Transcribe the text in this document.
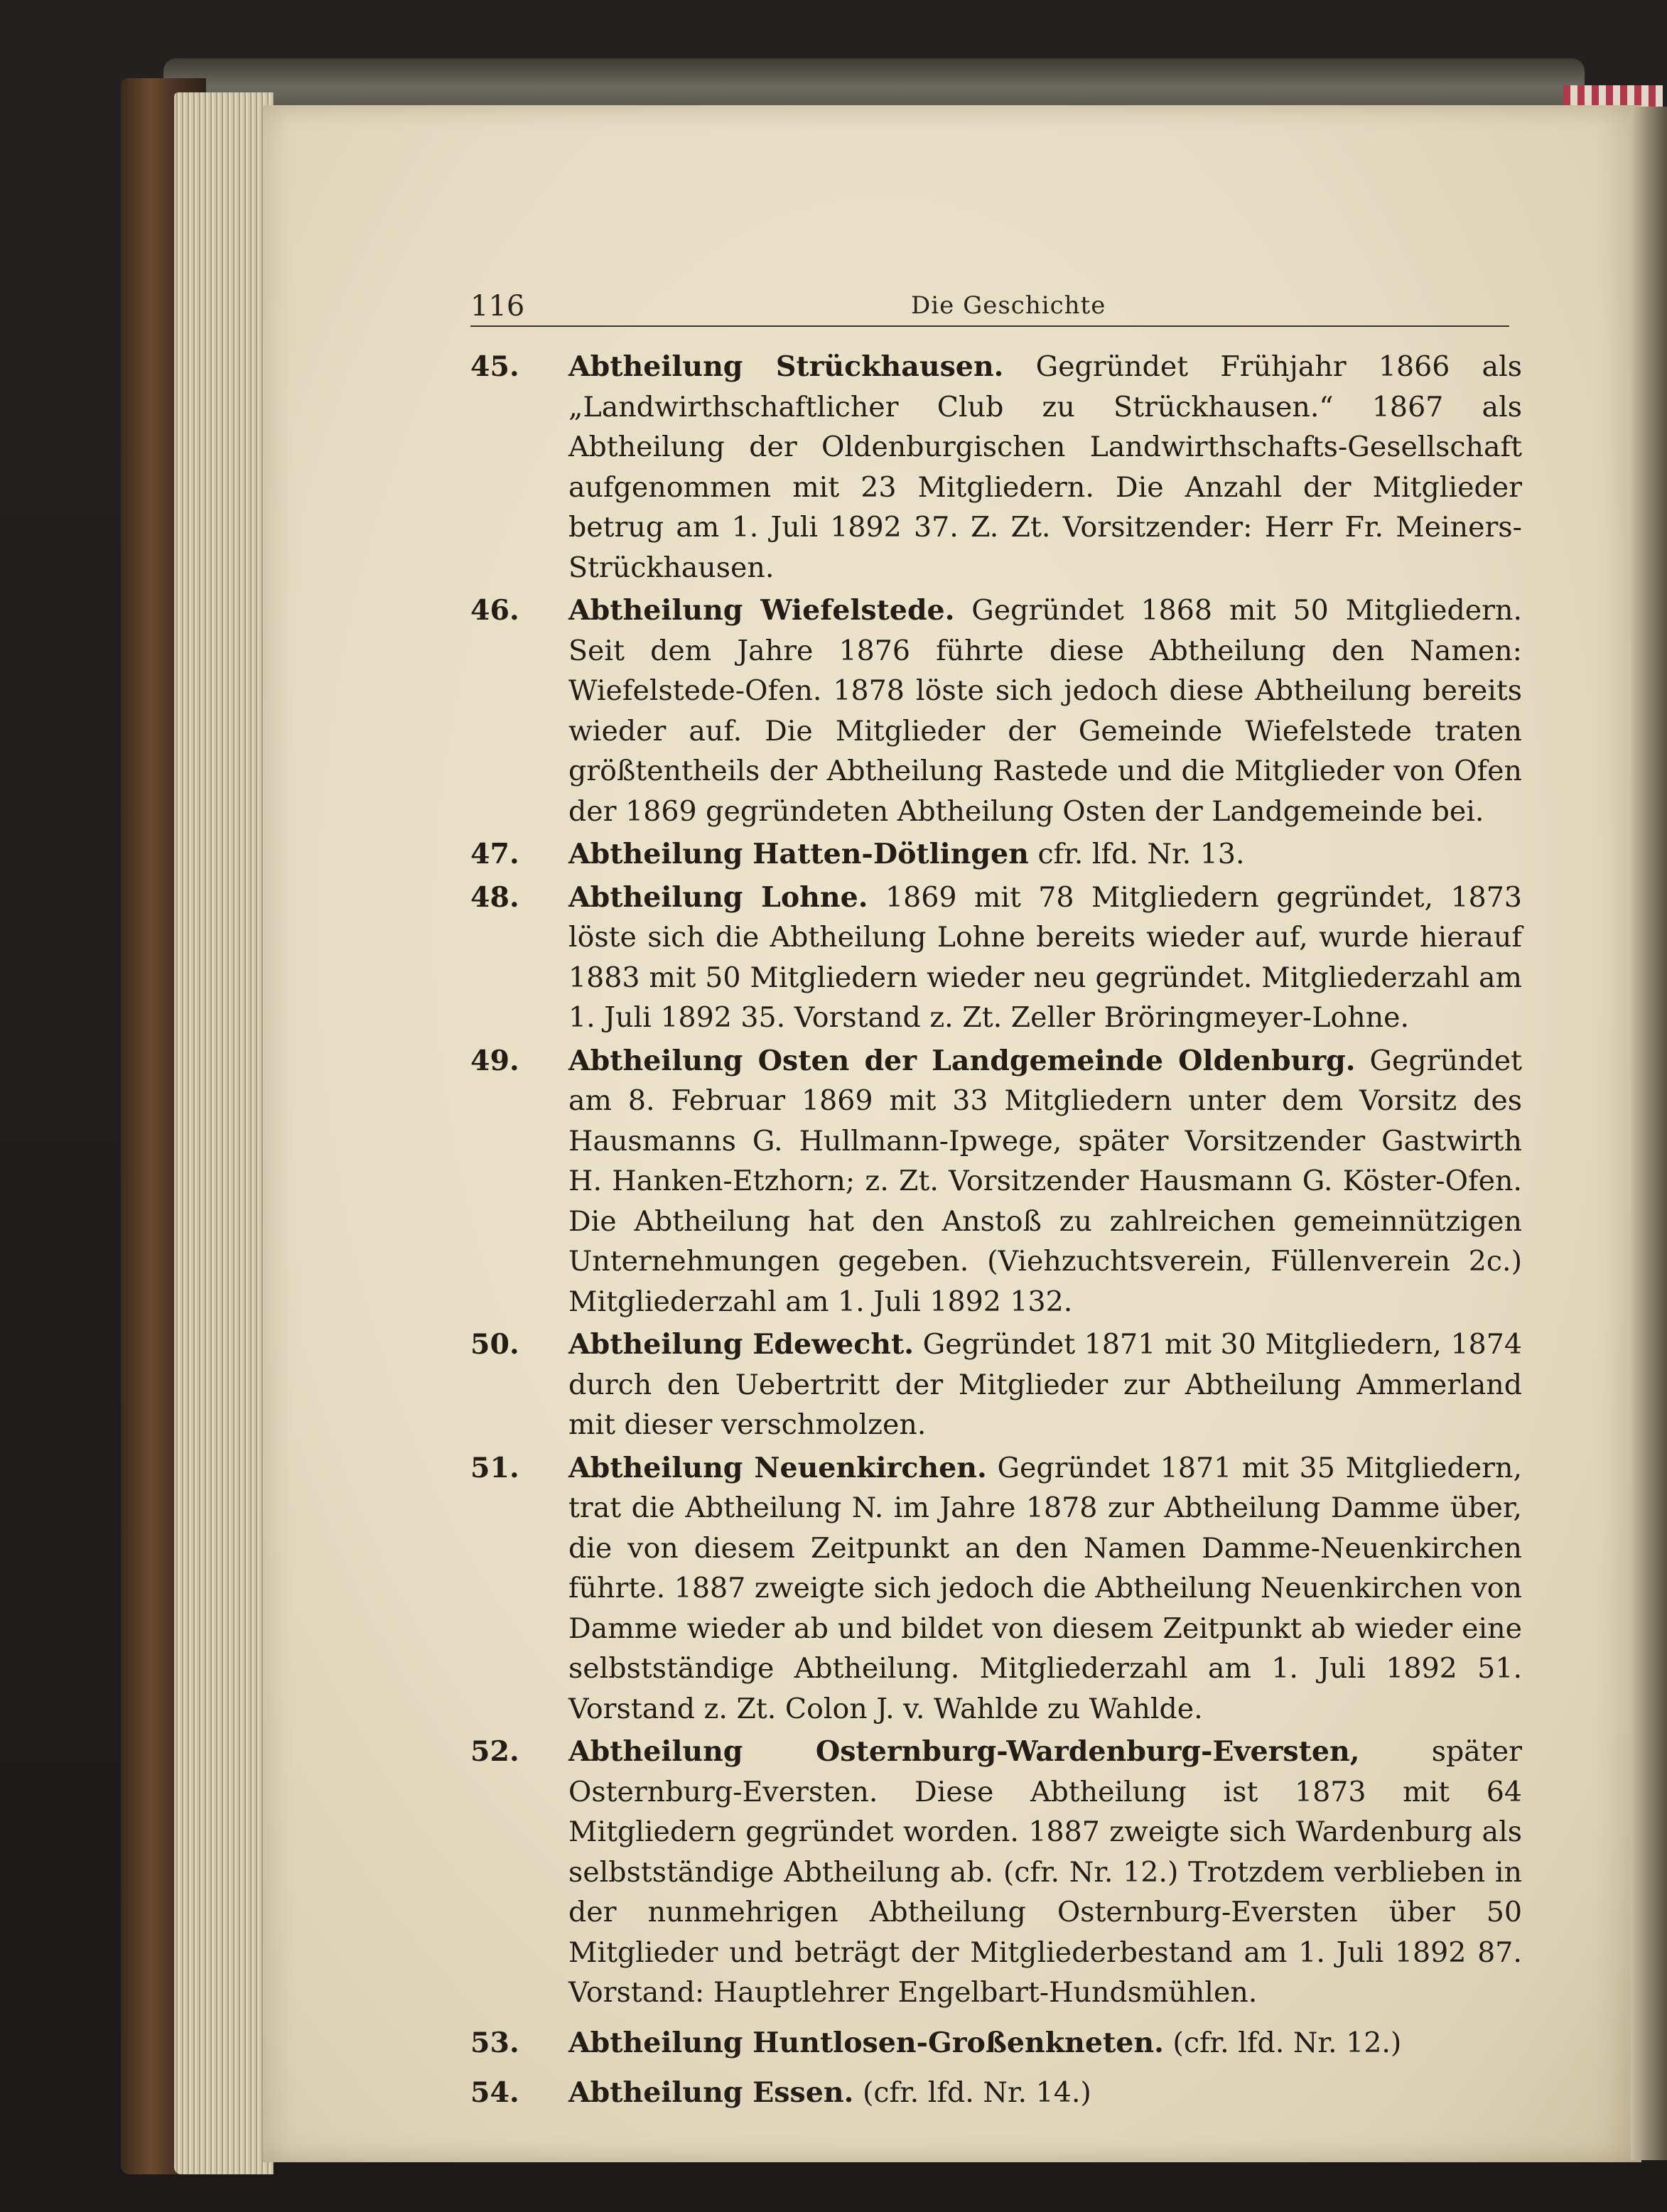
116	Die Geschichte
45. Abtheilung Strückhausen. Gegründet Frühjahr 1866 als „Landwirthschaftlicher Club zu Strückhausen.“ 1867 als Abtheilung der Oldenburgischen Landwirthschafts-Gesellschaft aufgenommen mit 23 Mitgliedern. Die Anzahl der Mitglieder betrug am 1. Juli 1892 37. Z. Zt. Vorsitzender: Herr Fr. Meiners-Strückhausen.
46. Abtheilung Wiefelstede. Gegründet 1868 mit 50 Mitgliedern. Seit dem Jahre 1876 führte diese Abtheilung den Namen: Wiefelstede-Ofen. 1878 löste sich jedoch diese Abtheilung bereits wieder auf. Die Mitglieder der Gemeinde Wiefelstede traten größtentheils der Abtheilung Rastede und die Mitglieder von Ofen der 1869 gegründeten Abtheilung Osten der Landgemeinde bei.
47. Abtheilung Hatten-Dötlingen cfr. lfd. Nr. 13.
48. Abtheilung Lohne. 1869 mit 78 Mitgliedern gegründet, 1873 löste sich die Abtheilung Lohne bereits wieder auf, wurde hierauf 1883 mit 50 Mitgliedern wieder neu gegründet. Mitgliederzahl am 1. Juli 1892 35. Vorstand z. Zt. Zeller Bröringmeyer-Lohne.
49. Abtheilung Osten der Landgemeinde Oldenburg. Gegründet am 8. Februar 1869 mit 33 Mitgliedern unter dem Vorsitz des Hausmanns G. Hullmann-Ipwege, später Vorsitzender Gastwirth H. Hanken-Etzhorn; z. Zt. Vorsitzender Hausmann G. Köster-Ofen. Die Abtheilung hat den Anstoß zu zahlreichen gemeinnützigen Unternehmungen gegeben. (Viehzuchtsverein, Füllenverein 2c.) Mitgliederzahl am 1. Juli 1892 132.
50. Abtheilung Edewecht. Gegründet 1871 mit 30 Mitgliedern, 1874 durch den Uebertritt der Mitglieder zur Abtheilung Ammerland mit dieser verschmolzen.
51. Abtheilung Neuenkirchen. Gegründet 1871 mit 35 Mitgliedern, trat die Abtheilung N. im Jahre 1878 zur Abtheilung Damme über, die von diesem Zeitpunkt an den Namen Damme-Neuenkirchen führte. 1887 zweigte sich jedoch die Abtheilung Neuenkirchen von Damme wieder ab und bildet von diesem Zeitpunkt ab wieder eine selbstständige Abtheilung. Mitgliederzahl am 1. Juli 1892 51. Vorstand z. Zt. Colon J. v. Wahlde zu Wahlde.
52. Abtheilung Osternburg-Wardenburg-Eversten,	später Osternburg-Eversten. Diese Abtheilung ist 1873 mit 64 Mitgliedern gegründet worden. 1887 zweigte sich Wardenburg als selbstständige Abtheilung ab. (cfr. Nr. 12.) Trotzdem verblieben in der nunmehrigen Abtheilung Osternburg-Eversten über 50 Mitglieder und beträgt der Mitgliederbestand am 1. Juli 1892 87. Vorstand: Hauptlehrer Engelbart-Hundsmühlen.
53. Abtheilung Huntlosen-Großenkneten. (cfr. lfd. Nr. 12.)
54. Abtheilung Essen. (cfr. lfd. Nr. 14.)
